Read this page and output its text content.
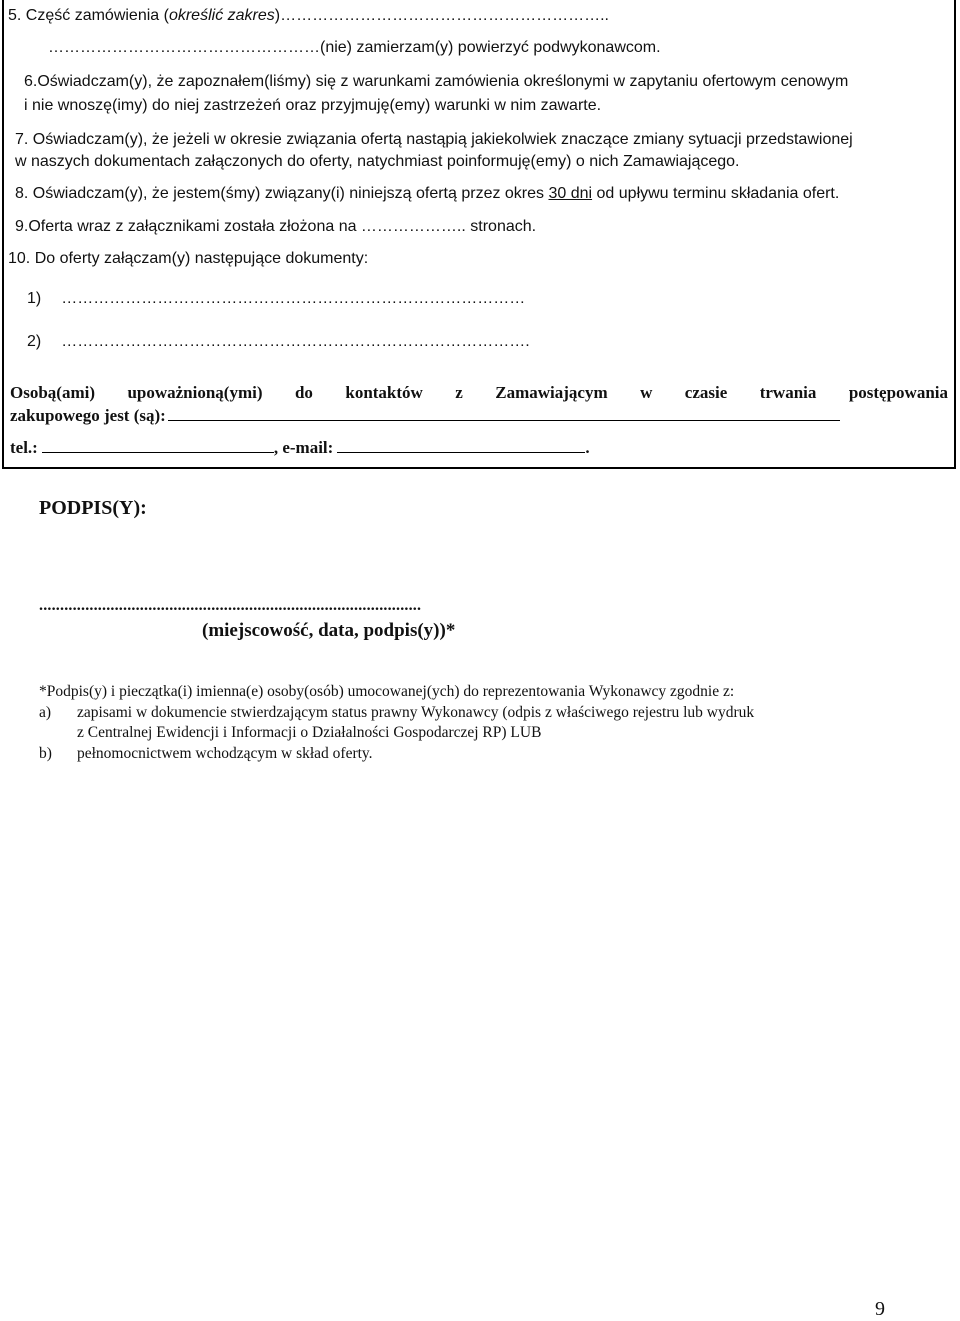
5. Część zamówienia (określić zakres)……………………………………………………..
……………………………………………(nie) zamierzam(y) powierzyć podwykonawcom.
6.Oświadczam(y), że zapoznałem(liśmy) się z warunkami zamówienia określonymi w zapytaniu ofertowym cenowym
i nie wnoszę(imy) do niej zastrzeżeń oraz przyjmuję(emy) warunki w nim zawarte.
7. Oświadczam(y), że jeżeli w okresie związania ofertą nastąpią jakiekolwiek znaczące zmiany sytuacji przedstawionej
w naszych dokumentach załączonych do oferty, natychmiast poinformuję(emy) o nich Zamawiającego.
8. Oświadczam(y), że jestem(śmy) związany(i) niniejszą ofertą przez okres 30 dni od upływu terminu składania ofert.
9.Oferta wraz z załącznikami została złożona na ……………….. stronach.
10. Do oferty załączam(y) następujące dokumenty:
1) ……………………………………………………………………………
2) …………………………………………………………………………….
Osobą(ami) upoważnioną(ymi) do kontaktów z Zamawiającym w czasie trwania postępowania
zakupowego jest (są):
tel.:	, e-mail:	.
PODPIS(Y):
...........................................................................................
(miejscowość, data, podpis(y))*
*Podpis(y) i pieczątka(i) imienna(e) osoby(osób) umocowanej(ych) do reprezentowania Wykonawcy zgodnie z:
a) zapisami w dokumencie stwierdzającym status prawny Wykonawcy (odpis z właściwego rejestru lub wydruk
z Centralnej Ewidencji i Informacji o Działalności Gospodarczej RP) LUB
b) pełnomocnictwem wchodzącym w skład oferty.
9
